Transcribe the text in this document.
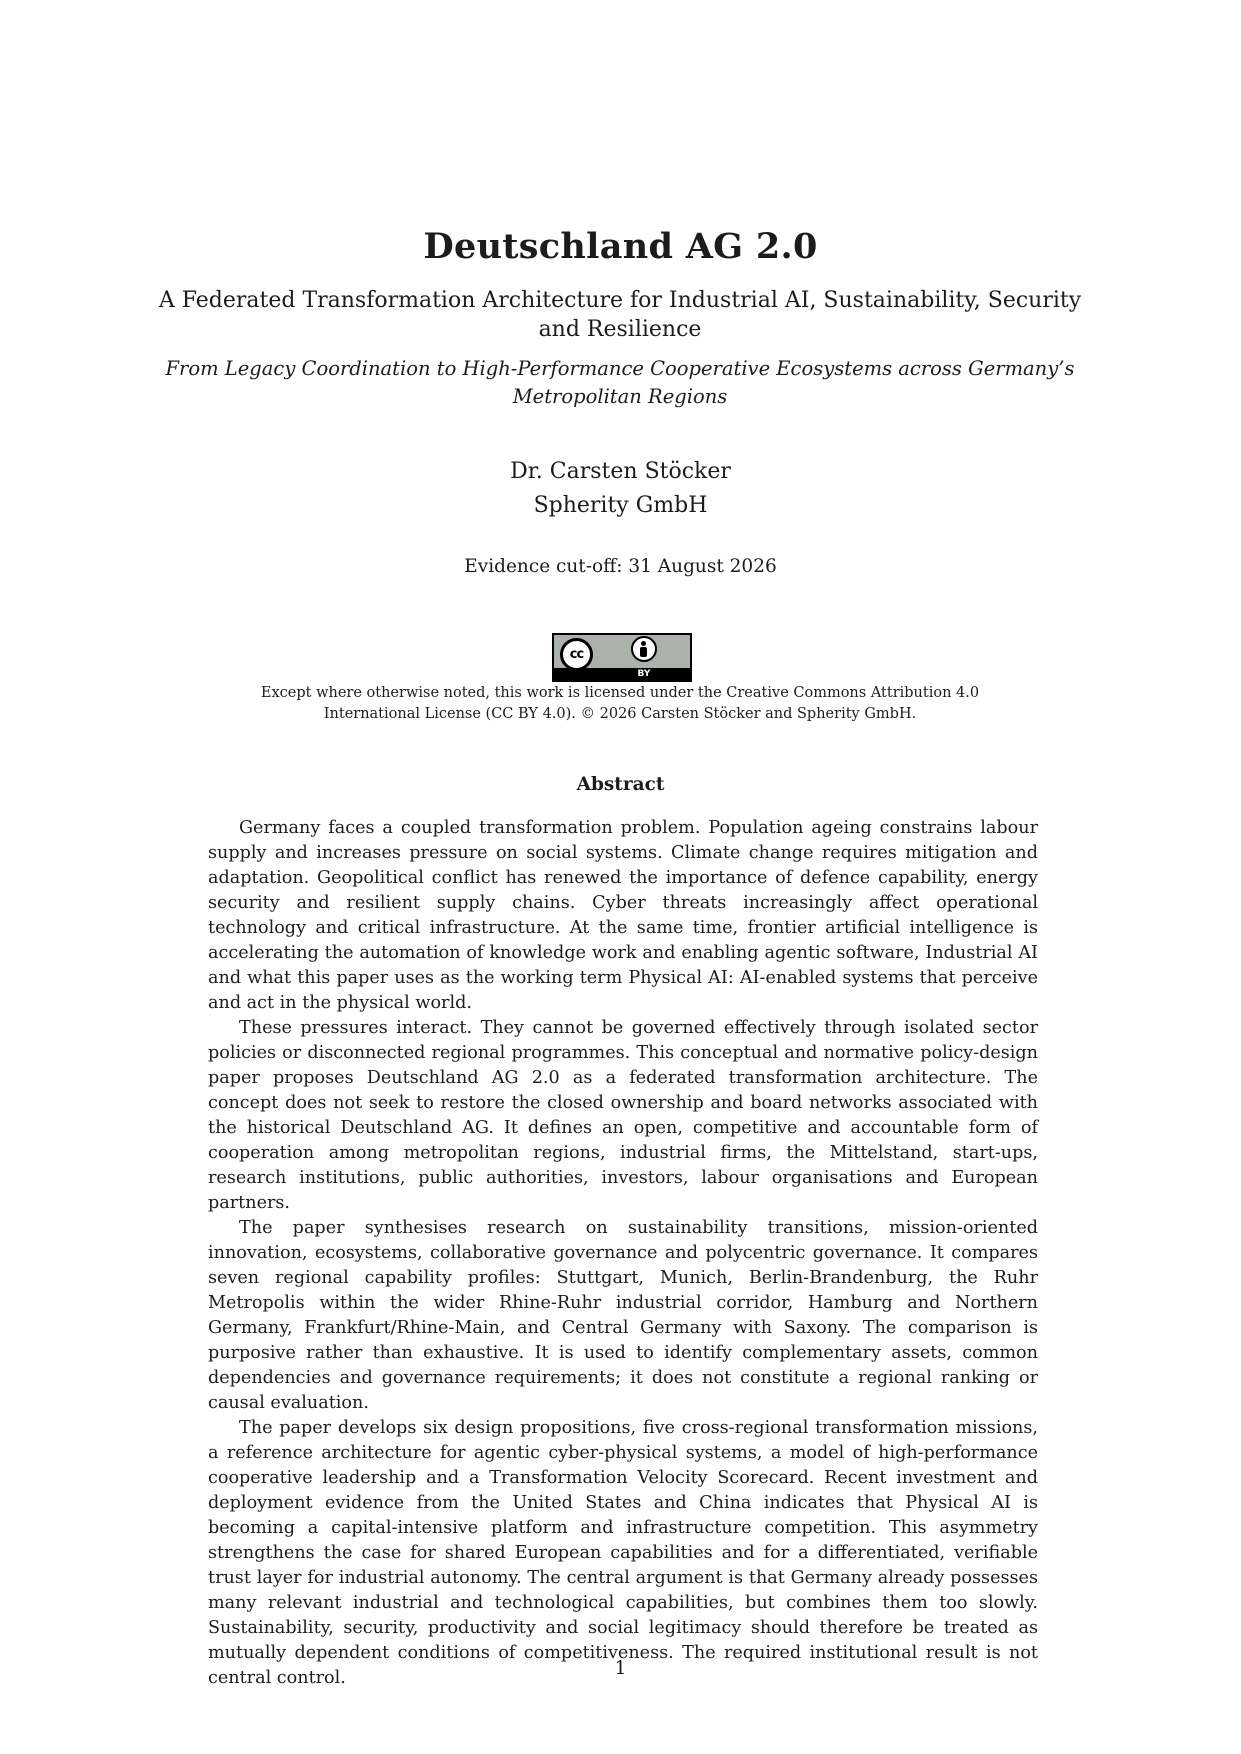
Deutschland AG 2.0
A Federated Transformation Architecture for Industrial AI, Sustainability, Security and Resilience
From Legacy Coordination to High-Performance Cooperative Ecosystems across Germany’s Metropolitan Regions
Dr. Carsten Stöcker
Spherity GmbH
Evidence cut-off: 31 August 2026
cc
BY
Except where otherwise noted, this work is licensed under the Creative Commons Attribution 4.0 International License (CC BY 4.0). © 2026 Carsten Stöcker and Spherity GmbH.
Abstract

Germany faces a coupled transformation problem. Population ageing constrains labour supply and increases pressure on social systems. Climate change requires mitigation and adaptation. Geopolitical conflict has renewed the importance of defence capability, energy security and resilient supply chains. Cyber threats increasingly affect operational technology and critical infrastructure. At the same time, frontier artificial intelligence is accelerating the automation of knowledge work and enabling agentic software, Industrial AI and what this paper uses as the working term Physical AI: AI-enabled systems that perceive and act in the physical world.

These pressures interact. They cannot be governed effectively through isolated sector policies or disconnected regional programmes. This conceptual and normative policy-design paper proposes Deutschland AG 2.0 as a federated transformation architecture. The concept does not seek to restore the closed ownership and board networks associated with the historical Deutschland AG. It defines an open, competitive and accountable form of cooperation among metropolitan regions, industrial firms, the Mittelstand, start-ups, research institutions, public authorities, investors, labour organisations and European partners.

The paper synthesises research on sustainability transitions, mission-oriented innovation, ecosystems, collaborative governance and polycentric governance. It compares seven regional capability profiles: Stuttgart, Munich, Berlin-Brandenburg, the Ruhr Metropolis within the wider Rhine-Ruhr industrial corridor, Hamburg and Northern Germany, Frankfurt/Rhine-Main, and Central Germany with Saxony. The comparison is purposive rather than exhaustive. It is used to identify complementary assets, common dependencies and governance requirements; it does not constitute a regional ranking or causal evaluation.

The paper develops six design propositions, five cross-regional transformation missions, a reference architecture for agentic cyber-physical systems, a model of high-performance cooperative leadership and a Transformation Velocity Scorecard. Recent investment and deployment evidence from the United States and China indicates that Physical AI is becoming a capital-intensive platform and infrastructure competition. This asymmetry strengthens the case for shared European capabilities and for a differentiated, verifiable trust layer for industrial autonomy. The central argument is that Germany already possesses many relevant industrial and technological capabilities, but combines them too slowly. Sustainability, security, productivity and social legitimacy should therefore be treated as mutually dependent conditions of competitiveness. The required institutional result is not central control.	1
